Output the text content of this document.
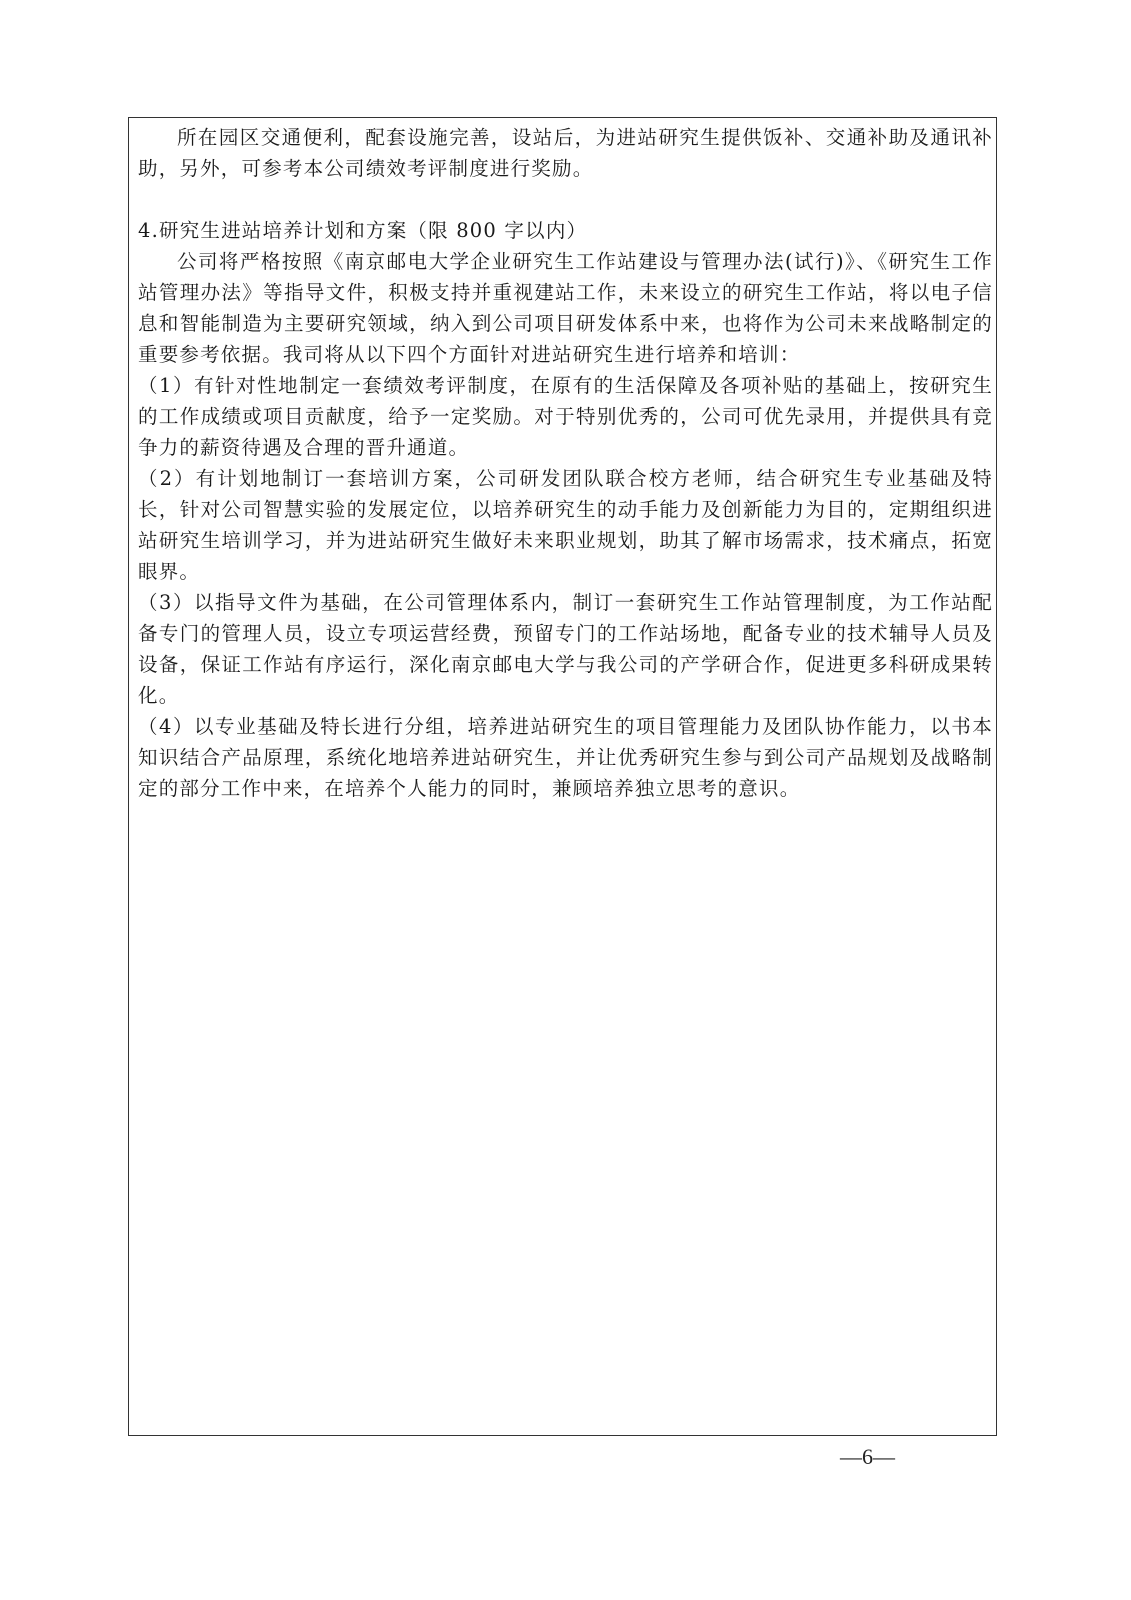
所在园区交通便利，配套设施完善，设站后，为进站研究生提供饭补、交通补助及通讯补助，另外，可参考本公司绩效考评制度进行奖励。

4.研究生进站培养计划和方案（限 800 字以内）

公司将严格按照《南京邮电大学企业研究生工作站建设与管理办法(试行)》、《研究生工作站管理办法》等指导文件，积极支持并重视建站工作，未来设立的研究生工作站，将以电子信息和智能制造为主要研究领域，纳入到公司项目研发体系中来，也将作为公司未来战略制定的重要参考依据。我司将从以下四个方面针对进站研究生进行培养和培训：

（1）有针对性地制定一套绩效考评制度，在原有的生活保障及各项补贴的基础上，按研究生的工作成绩或项目贡献度，给予一定奖励。对于特别优秀的，公司可优先录用，并提供具有竞争力的薪资待遇及合理的晋升通道。

（2）有计划地制订一套培训方案，公司研发团队联合校方老师，结合研究生专业基础及特长，针对公司智慧实验的发展定位，以培养研究生的动手能力及创新能力为目的，定期组织进站研究生培训学习，并为进站研究生做好未来职业规划，助其了解市场需求，技术痛点，拓宽眼界。

（3）以指导文件为基础，在公司管理体系内，制订一套研究生工作站管理制度，为工作站配备专门的管理人员，设立专项运营经费，预留专门的工作站场地，配备专业的技术辅导人员及设备，保证工作站有序运行，深化南京邮电大学与我公司的产学研合作，促进更多科研成果转化。

（4）以专业基础及特长进行分组，培养进站研究生的项目管理能力及团队协作能力，以书本知识结合产品原理，系统化地培养进站研究生，并让优秀研究生参与到公司产品规划及战略制定的部分工作中来，在培养个人能力的同时，兼顾培养独立思考的意识。

—6—
